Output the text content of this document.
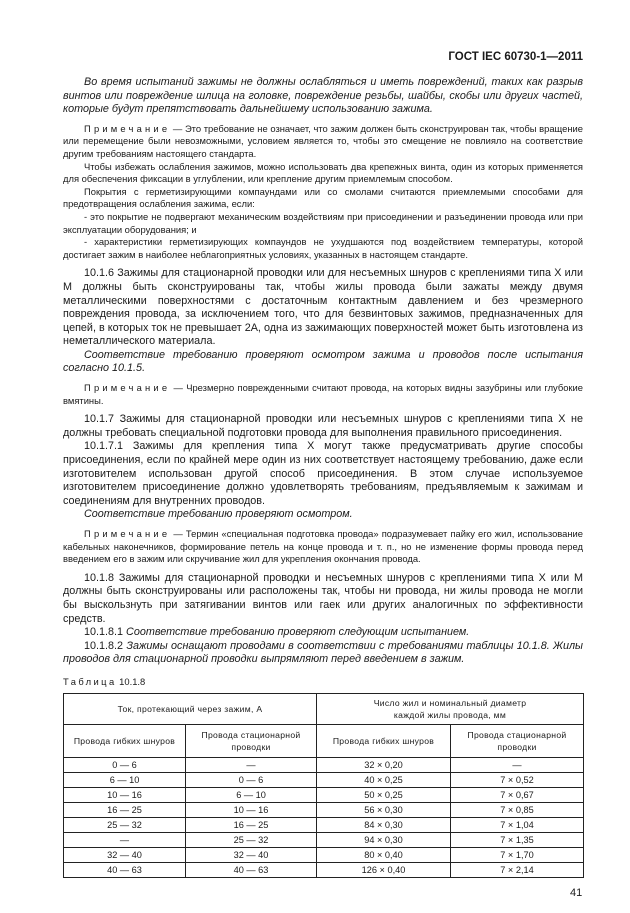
ГОСТ IEC 60730-1—2011

Во время испытаний зажимы не должны ослабляться и иметь повреждений, таких как разрыв винтов или повреждение шлица на головке, повреждение резьбы, шайбы, скобы или других частей, которые будут препятствовать дальнейшему использованию зажима.

Примечание — Это требование не означает, что зажим должен быть сконструирован так, чтобы вращение или перемещение были невозможными, условием является то, чтобы это смещение не повлияло на соответствие другим требованиям настоящего стандарта.

Чтобы избежать ослабления зажимов, можно использовать два крепежных винта, один из которых применяется для обеспечения фиксации в углублении, или крепление другим приемлемым способом.

Покрытия с герметизирующими компаундами или со смолами считаются приемлемыми способами для предотвращения ослабления зажима, если:

- это покрытие не подвергают механическим воздействиям при присоединении и разъединении провода или при эксплуатации оборудования; и

- характеристики герметизирующих компаундов не ухудшаются под воздействием температуры, которой достигает зажим в наиболее неблагоприятных условиях, указанных в настоящем стандарте.

10.1.6 Зажимы для стационарной проводки или для несъемных шнуров с креплениями типа X или M должны быть сконструированы так, чтобы жилы провода были зажаты между двумя металлическими поверхностями с достаточным контактным давлением и без чрезмерного повреждения провода, за исключением того, что для безвинтовых зажимов, предназначенных для цепей, в которых ток не превышает 2А, одна из зажимающих поверхностей может быть изготовлена из неметаллического материала.

Соответствие требованию проверяют осмотром зажима и проводов после испытания согласно 10.1.5.

Примечание — Чрезмерно поврежденными считают провода, на которых видны зазубрины или глубокие вмятины.

10.1.7 Зажимы для стационарной проводки или несъемных шнуров с креплениями типа X не должны требовать специальной подготовки провода для выполнения правильного присоединения.

10.1.7.1 Зажимы для крепления типа X могут также предусматривать другие способы присоединения, если по крайней мере один из них соответствует настоящему требованию, даже если изготовителем использован другой способ присоединения. В этом случае используемое изготовителем присоединение должно удовлетворять требованиям, предъявляемым к зажимам и соединениям для внутренних проводов.

Соответствие требованию проверяют осмотром.

Примечание — Термин «специальная подготовка провода» подразумевает пайку его жил, использование кабельных наконечников, формирование петель на конце провода и т. п., но не изменение формы провода перед введением его в зажим или скручивание жил для укрепления окончания провода.

10.1.8 Зажимы для стационарной проводки и несъемных шнуров с креплениями типа X или M должны быть сконструированы или расположены так, чтобы ни провода, ни жилы провода не могли бы выскользнуть при затягивании винтов или гаек или других аналогичных по эффективности средств.

10.1.8.1 Соответствие требованию проверяют следующим испытанием.

10.1.8.2 Зажимы оснащают проводами в соответствии с требованиями таблицы 10.1.8. Жилы проводов для стационарной проводки выпрямляют перед введением в зажим.

Таблица 10.1.8

Ток, протекающий через зажим, А		Число жил и номинальный диаметр каждой жилы провода, мм	
Провода гибких шнуров	Провода стационарной проводки	Провода гибких шнуров	Провода стационарной проводки
0 — 6	—	32 × 0,20	—
6 — 10	0 — 6	40 × 0,25	7 × 0,52
10 — 16	6 — 10	50 × 0,25	7 × 0,67
16 — 25	10 — 16	56 × 0,30	7 × 0,85
25 — 32	16 — 25	84 × 0,30	7 × 1,04
—	25 — 32	94 × 0,30	7 × 1,35
32 — 40	32 — 40	80 × 0,40	7 × 1,70
40 — 63	40 — 63	126 × 0,40	7 × 2,14
41
